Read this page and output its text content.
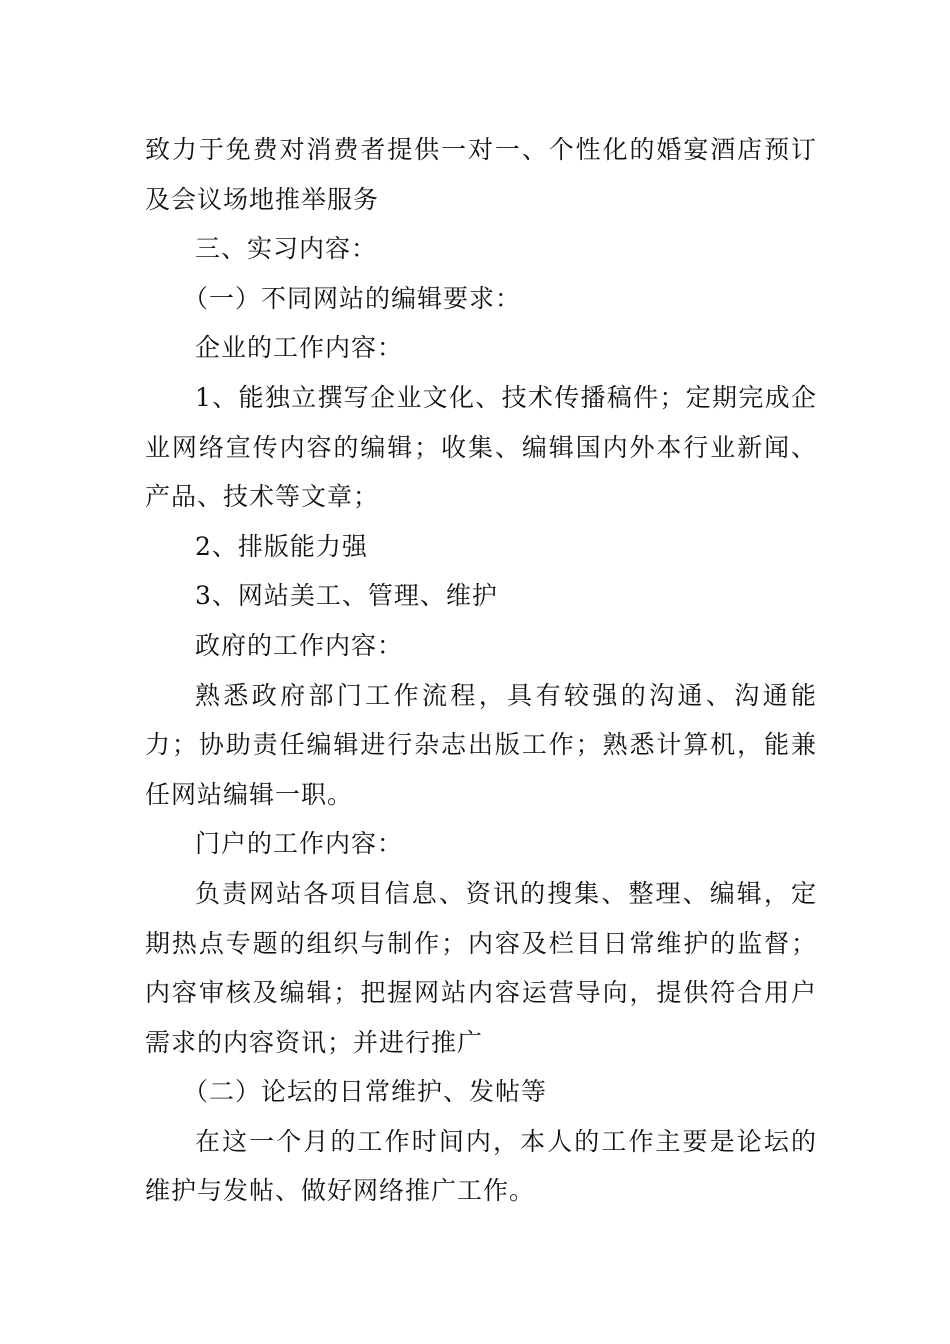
致力于免费对消费者提供一对一、个性化的婚宴酒店预订及会议场地推举服务

三、实习内容：

（一）不同网站的编辑要求：

企业的工作内容：

1、能独立撰写企业文化、技术传播稿件；定期完成企业网络宣传内容的编辑；收集、编辑国内外本行业新闻、产品、技术等文章；

2、排版能力强

3、网站美工、管理、维护

政府的工作内容：

熟悉政府部门工作流程，具有较强的沟通、沟通能力；协助责任编辑进行杂志出版工作；熟悉计算机，能兼任网站编辑一职。

门户的工作内容：

负责网站各项目信息、资讯的搜集、整理、编辑，定期热点专题的组织与制作；内容及栏目日常维护的监督；内容审核及编辑；把握网站内容运营导向，提供符合用户需求的内容资讯；并进行推广

（二）论坛的日常维护、发帖等

在这一个月的工作时间内，本人的工作主要是论坛的维护与发帖、做好网络推广工作。
